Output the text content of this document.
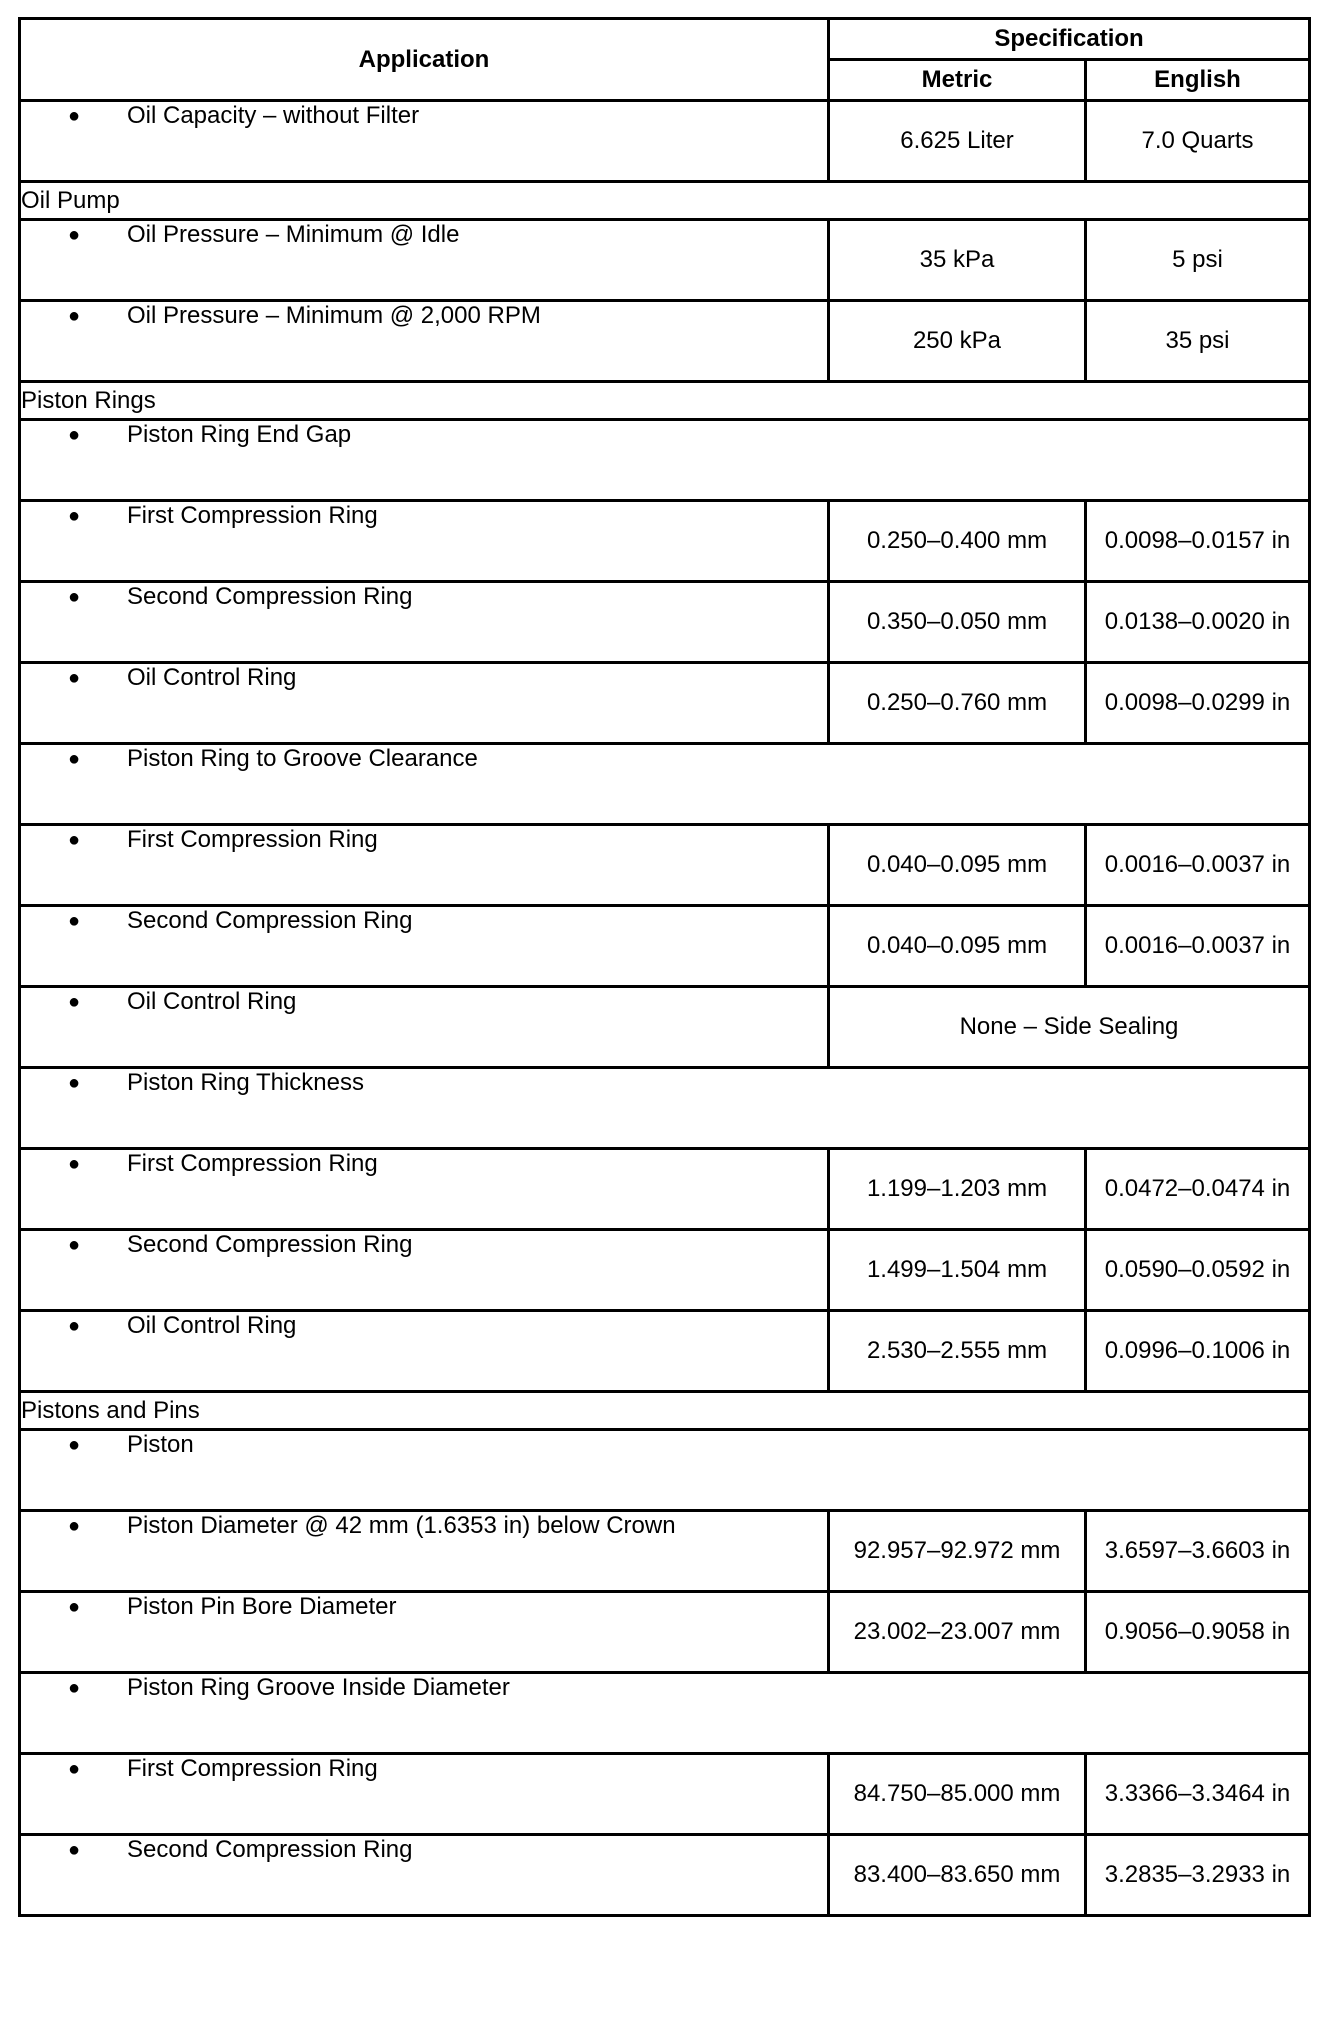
Application	Specification	
	Metric	English
● Oil Capacity – without Filter	6.625 Liter	7.0 Quarts
Oil Pump		
● Oil Pressure – Minimum @ Idle	35 kPa	5 psi
● Oil Pressure – Minimum @ 2,000 RPM	250 kPa	35 psi
Piston Rings		
● Piston Ring End Gap		
● First Compression Ring	0.250–0.400 mm	0.0098–0.0157 in
● Second Compression Ring	0.350–0.050 mm	0.0138–0.0020 in
● Oil Control Ring	0.250–0.760 mm	0.0098–0.0299 in
● Piston Ring to Groove Clearance		
● First Compression Ring	0.040–0.095 mm	0.0016–0.0037 in
● Second Compression Ring	0.040–0.095 mm	0.0016–0.0037 in
● Oil Control Ring	None – Side Sealing	
● Piston Ring Thickness		
● First Compression Ring	1.199–1.203 mm	0.0472–0.0474 in
● Second Compression Ring	1.499–1.504 mm	0.0590–0.0592 in
● Oil Control Ring	2.530–2.555 mm	0.0996–0.1006 in
Pistons and Pins		
● Piston		
● Piston Diameter @ 42 mm (1.6353 in) below Crown	92.957–92.972 mm	3.6597–3.6603 in
● Piston Pin Bore Diameter	23.002–23.007 mm	0.9056–0.9058 in
● Piston Ring Groove Inside Diameter		
● First Compression Ring	84.750–85.000 mm	3.3366–3.3464 in
● Second Compression Ring	83.400–83.650 mm	3.2835–3.2933 in
